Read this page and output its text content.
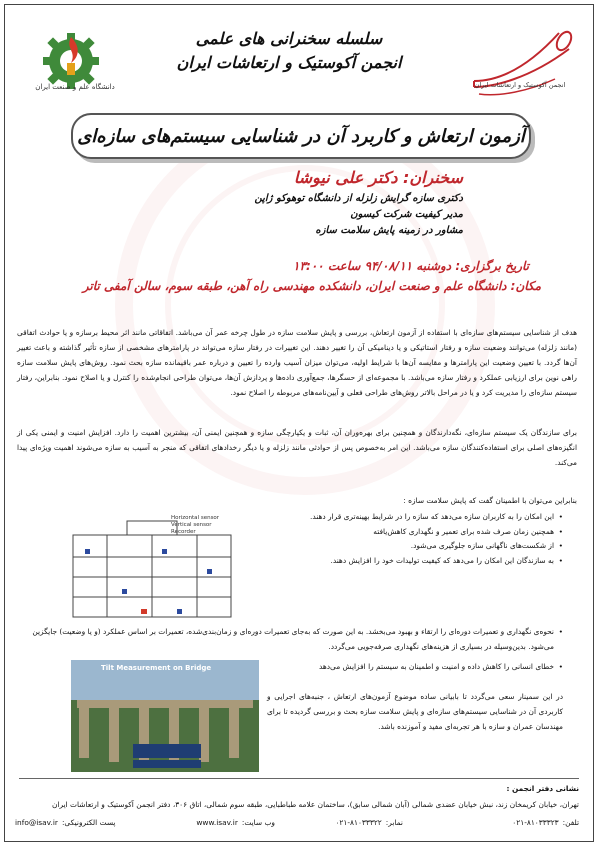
دانشگاه علم و صنعت ایران	انجمن آکوستیک و ارتعاشات ایران
سلسله سخنرانی های علمی
انجمن آکوستیک و ارتعاشات ایران
آزمون ارتعاش و کاربرد آن در شناسایی سیستم‌های سازه‌ای
سخنران: دکتر علی نیوشا
دکتری سازه گرایش زلزله از دانشگاه توهوکو ژاپن
مدیر کیفیت شرکت کیسون
مشاور در زمینه پایش سلامت سازه
تاریخ برگزاری: دوشنبه ۹۴/۰۸/۱۱ ساعت ۱۳:۰۰
مکان: دانشگاه علم و صنعت ایران، دانشکده مهندسی راه آهن، طبقه سوم، سالن آمفی تاتر
هدف از شناسایی سیستم‌های سازه‌ای با استفاده از آزمون ارتعاش، بررسی و پایش سلامت سازه در طول چرخه عمر آن می‌باشد. اتفاقاتی مانند اثر محیط برسازه و یا حوادث اتفاقی (مانند زلزله) می‌توانند وضعیت سازه و رفتار استاتیکی و یا دینامیکی آن را تغییر دهند. این تغییرات در رفتار سازه می‌تواند در پارامترهای مشخصی از سازه تأثیر گذاشته و باعث تغییر آن‌ها گردد. با تعیین وضعیت این پارامترها و مقایسه آن‌ها با شرایط اولیه، می‌توان میزان آسیب وارده را تعیین و درباره عمر باقیمانده سازه بحث نمود. روش‌های پایش سلامت سازه راهی نوین برای ارزیابی عملکرد و رفتار سازه می‌باشد. با مجموعه‌ای از حسگرها، جمع‌آوری داده‌ها و پردازش آن‌ها، می‌توان طراحی انجام‌شده را کنترل و یا اصلاح نمود. بنابراین، رفتار سیستم سازه‌ای را مدیریت کرد و یا در مراحل بالاتر روش‌های طراحی فعلی و آیین‌نامه‌های مربوطه را اصلاح نمود.
برای سازندگان یک سیستم سازه‌ای، نگه‌دارندگان و همچنین برای بهره‌وران آن، ثبات و یکپارچگی سازه و همچنین ایمنی آن، بیشترین اهمیت را دارد. افزایش امنیت و ایمنی یکی از انگیزه‌های اصلی برای استفاده‌کنندگان سازه می‌باشد. این امر به‌خصوص پس از حوادثی مانند زلزله و یا دیگر رخدادهای اتفاقی که منجر به آسیب به سازه می‌شوند اهمیت ویژه‌ای پیدا می‌کند.
بنابراین می‌توان با اطمینان گفت که پایش سلامت سازه :
• این امکان را به کاربران سازه می‌دهد که سازه را در شرایط بهینه‌تری قرار دهند.
• همچنین زمان صرف شده برای تعمیر و نگهداری کاهش‌یافته
• از شکست‌های ناگهانی سازه جلوگیری می‌شود.
• به سازندگان این امکان را می‌دهد که کیفیت تولیدات خود را افزایش دهند.
• نحوه‌ی نگهداری و تعمیرات دوره‌ای را ارتقاء و بهبود می‌بخشد. به این صورت که به‌جای تعمیرات دوره‌ای و زمان‌بندی‌شده، تعمیرات بر اساس عملکرد (و یا وضعیت) جایگزین می‌شود. بدین‌وسیله در بسیاری از هزینه‌های نگهداری صرفه‌جویی می‌گردد.
• خطای انسانی را کاهش داده و امنیت و اطمینان به سیستم را افزایش می‌دهد
در این سمینار سعی می‌گردد تا بابیانی ساده موضوع آزمون‌های ارتعاش ، جنبه‌های اجرایی و کاربردی آن در شناسایی سیستم‌های سازه‌ای و پایش سلامت سازه بحث و بررسی گردیده تا برای مهندسان عمران و سازه با هر تجربه‌ای مفید و آموزنده باشد.
Horizontal sensor
Vertical sensor
Recorder
Tilt Measurement on Bridge
نشانی دفتر انجمن :
تهران، خیابان کریمخان زند، نبش خیابان عضدی شمالی (آبان شمالی سابق)، ساختمان علامه طباطبایی، طبقه سوم شمالی، اتاق ۳۰۶، دفتر انجمن آکوستیک و ارتعاشات ایران
تلفن:
۰۲۱-۸۱۰۳۳۳۲۳
نمابر:
۰۲۱-۸۱۰۳۳۳۲۲
وب سایت:
www.isav.ir
پست الکترونیکی:
info@isav.ir
